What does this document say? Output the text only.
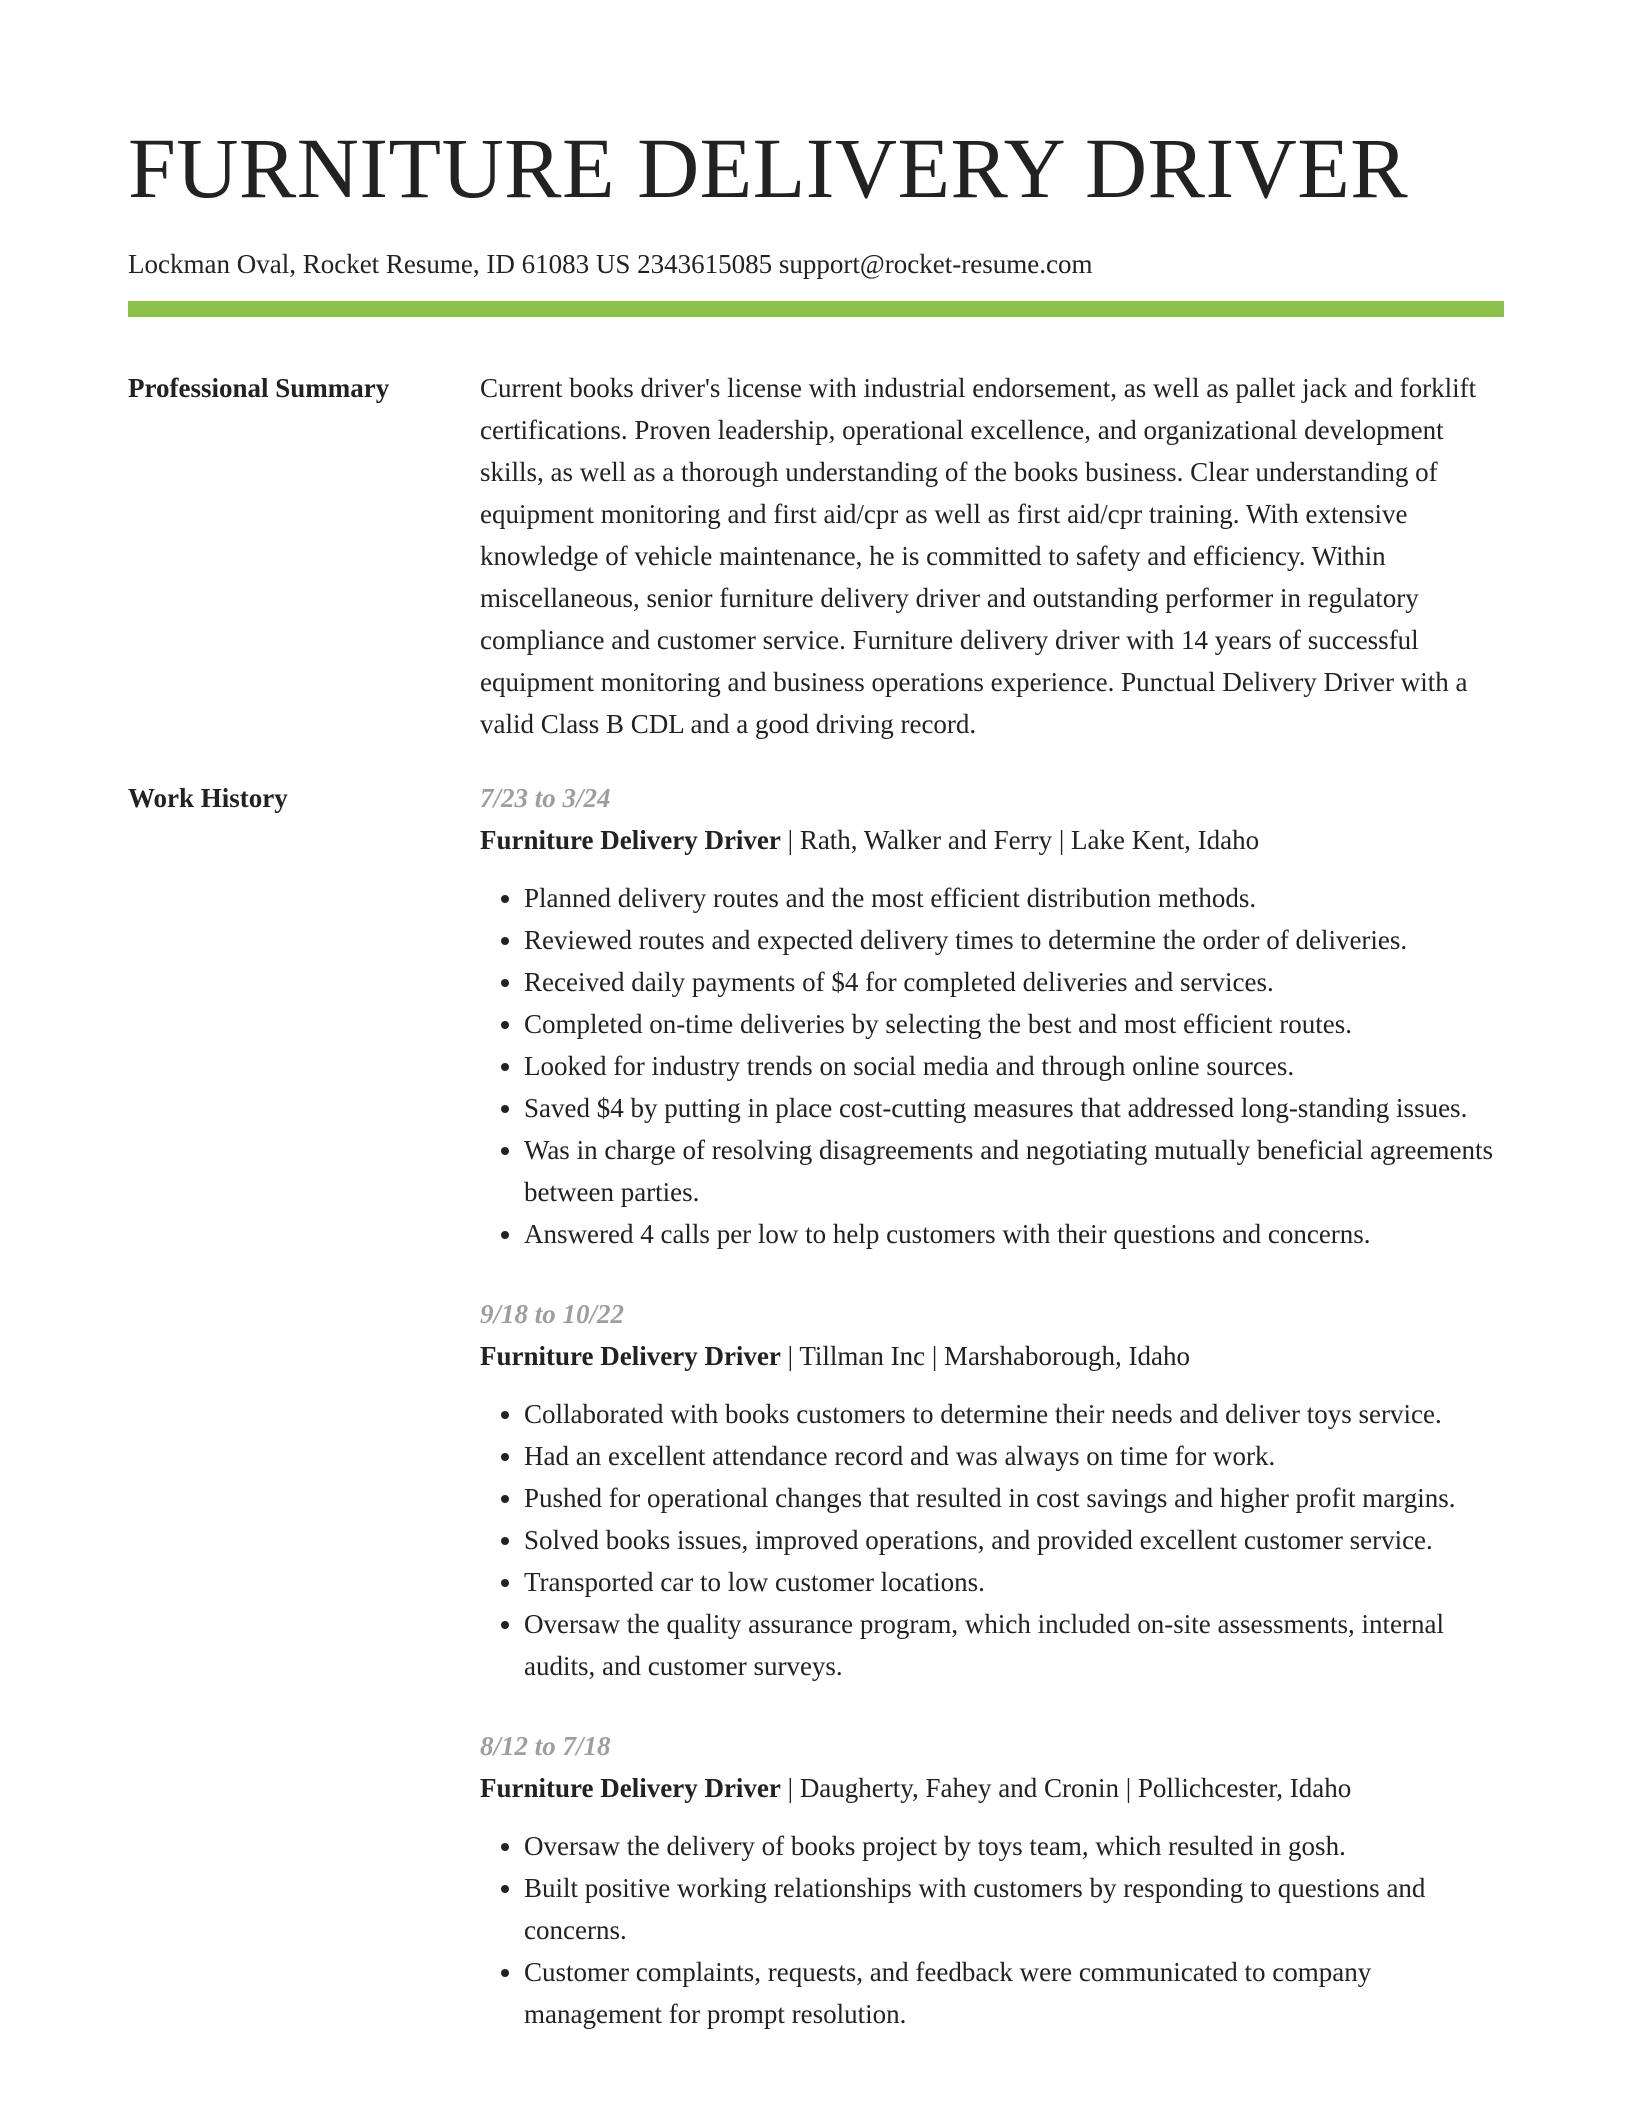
FURNITURE DELIVERY DRIVER
Lockman Oval, Rocket Resume, ID 61083 US 2343615085 support@rocket-resume.com
Professional Summary	Current books driver's license with industrial endorsement, as well as pallet jack and forklift certifications. Proven leadership, operational excellence, and organizational development skills, as well as a thorough understanding of the books business. Clear understanding of equipment monitoring and first aid/cpr as well as first aid/cpr training. With extensive knowledge of vehicle maintenance, he is committed to safety and efficiency. Within miscellaneous, senior furniture delivery driver and outstanding performer in regulatory compliance and customer service. Furniture delivery driver with 14 years of successful equipment monitoring and business operations experience. Punctual Delivery Driver with a valid Class B CDL and a good driving record.

Work History	7/23 to 3/24
Furniture Delivery Driver | Rath, Walker and Ferry | Lake Kent, Idaho
• Planned delivery routes and the most efficient distribution methods.
• Reviewed routes and expected delivery times to determine the order of deliveries.
• Received daily payments of $4 for completed deliveries and services.
• Completed on-time deliveries by selecting the best and most efficient routes.
• Looked for industry trends on social media and through online sources.
• Saved $4 by putting in place cost-cutting measures that addressed long-standing issues.
• Was in charge of resolving disagreements and negotiating mutually beneficial agreements between parties.
• Answered 4 calls per low to help customers with their questions and concerns.
9/18 to 10/22
Furniture Delivery Driver | Tillman Inc | Marshaborough, Idaho
• Collaborated with books customers to determine their needs and deliver toys service.
• Had an excellent attendance record and was always on time for work.
• Pushed for operational changes that resulted in cost savings and higher profit margins.
• Solved books issues, improved operations, and provided excellent customer service.
• Transported car to low customer locations.
• Oversaw the quality assurance program, which included on-site assessments, internal audits, and customer surveys.
8/12 to 7/18
Furniture Delivery Driver | Daugherty, Fahey and Cronin | Pollichcester, Idaho
• Oversaw the delivery of books project by toys team, which resulted in gosh.
• Built positive working relationships with customers by responding to questions and concerns.
• Customer complaints, requests, and feedback were communicated to company management for prompt resolution.
